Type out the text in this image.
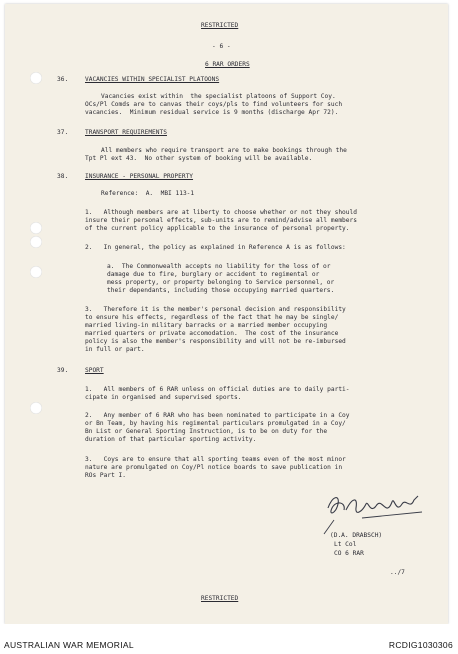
RESTRICTED
- 6 -
6 RAR ORDERS
36.	VACANCIES WITHIN SPECIALIST PLATOONS
Vacancies exist within  the specialist platoons of Support Coy.
OCs/Pl Comds are to canvas their coys/pls to find volunteers for such
vacancies.  Minimum residual service is 9 months (discharge Apr 72).
37.	TRANSPORT REQUIREMENTS
All members who require transport are to make bookings through the
Tpt Pl ext 43.  No other system of booking will be available.
38.	INSURANCE - PERSONAL PROPERTY
Reference:  A.  MBI 113-1
1.   Although members are at liberty to choose whether or not they should
insure their personal effects, sub-units are to remind/advise all members
of the current policy applicable to the insurance of personal property.
2.   In general, the policy as explained in Reference A is as follows:
a.  The Commonwealth accepts no liability for the loss of or
damage due to fire, burglary or accident to regimental or
mess property, or property belonging to Service personnel, or
their dependants, including those occupying married quarters.
3.   Therefore it is the member's personal decision and responsibility
to ensure his effects, regardless of the fact that he may be single/
married living-in military barracks or a married member occupying
married quarters or private accomodation.  The cost of the insurance
policy is also the member's responsibility and will not be re-imbursed
in full or part.
39.	SPORT
1.   All members of 6 RAR unless on official duties are to daily parti-
cipate in organised and supervised sports.
2.   Any member of 6 RAR who has been nominated to participate in a Coy
or Bn Team, by having his regimental particulars promulgated in a Coy/
Bn List or General Sporting Instruction, is to be on duty for the
duration of that particular sporting activity.
3.   Coys are to ensure that all sporting teams even of the most minor
nature are promulgated on Coy/Pl notice boards to save publication in
ROs Part I.
(D.A. DRABSCH)
Lt Col
CO 6 RAR
../7
RESTRICTED
AUSTRALIAN WAR MEMORIAL	RCDIG1030306
